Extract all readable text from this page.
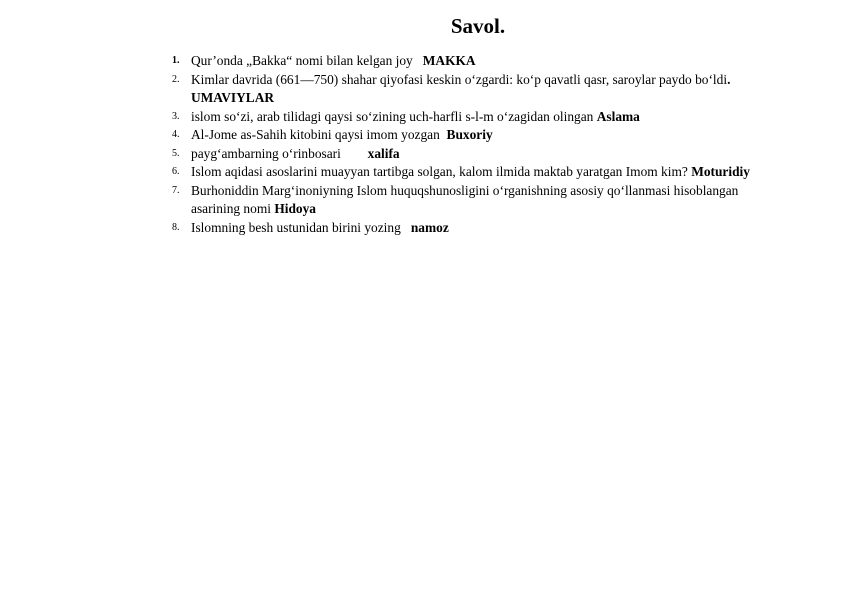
Savol.
1. Qur’onda „Bakka“ nomi bilan kelgan joy MAKKA
2. Kimlar davrida (661—750) shahar qiyofasi keskin o‘zgardi: ko‘p qavatli qasr, saroylar paydo bo‘ldi. UMAVIYLAR
3. islom so‘zi, arab tilidagi qaysi so‘zining uch-harfli s-l-m o‘zagidan olingan Aslama
4. Al-Jome as-Sahih kitobini qaysi imom yozgan Buxoriy
5. payg‘ambarning o‘rinbosari xalifa
6. Islom aqidasi asoslarini muayyan tartibga solgan, kalom ilmida maktab yaratgan Imom kim? Moturidiy
7. Burhoniddin Marg‘inoniyning Islom huquqshunosligini o‘rganishning asosiy qo‘llanmasi hisoblangan asarining nomi Hidoya
8. Islomning besh ustunidan birini yozing namoz
